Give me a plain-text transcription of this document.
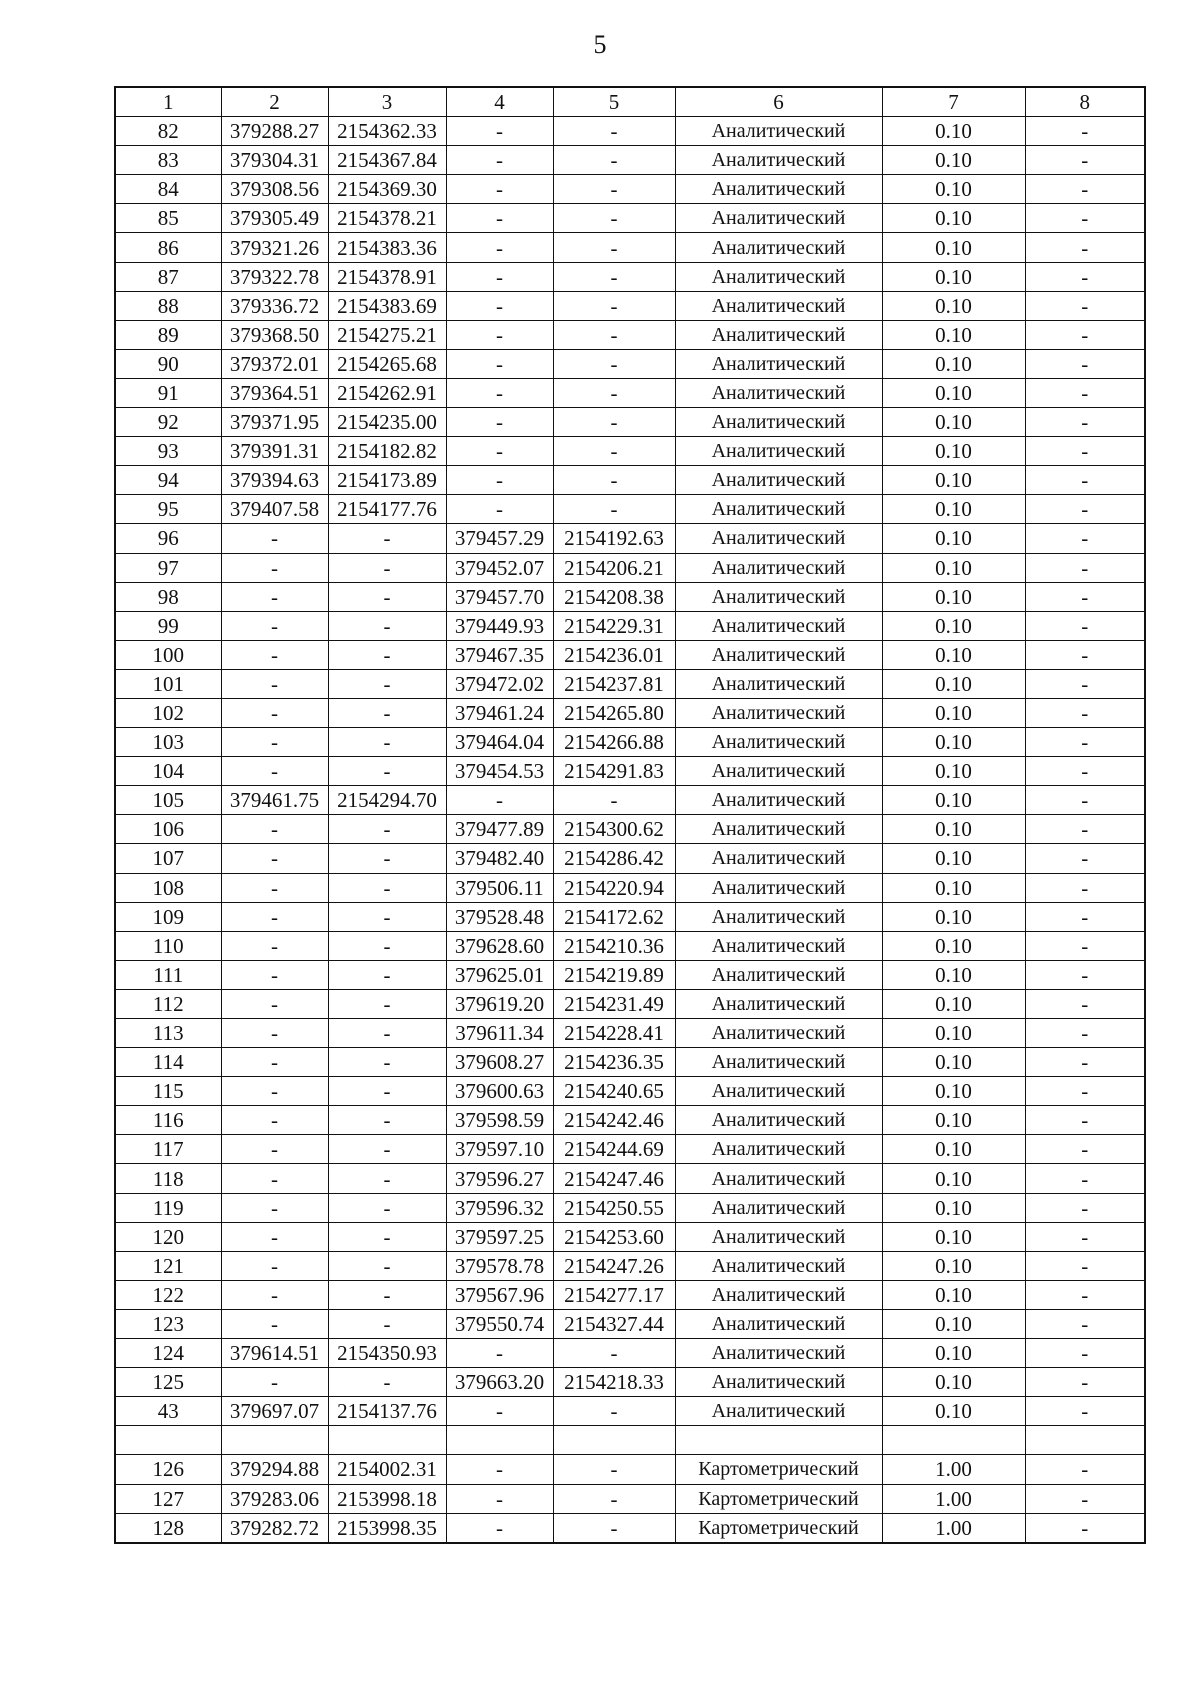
5
1	2	3	4	5	6	7	8
82	379288.27	2154362.33	-	-	Аналитический	0.10	-
83	379304.31	2154367.84	-	-	Аналитический	0.10	-
84	379308.56	2154369.30	-	-	Аналитический	0.10	-
85	379305.49	2154378.21	-	-	Аналитический	0.10	-
86	379321.26	2154383.36	-	-	Аналитический	0.10	-
87	379322.78	2154378.91	-	-	Аналитический	0.10	-
88	379336.72	2154383.69	-	-	Аналитический	0.10	-
89	379368.50	2154275.21	-	-	Аналитический	0.10	-
90	379372.01	2154265.68	-	-	Аналитический	0.10	-
91	379364.51	2154262.91	-	-	Аналитический	0.10	-
92	379371.95	2154235.00	-	-	Аналитический	0.10	-
93	379391.31	2154182.82	-	-	Аналитический	0.10	-
94	379394.63	2154173.89	-	-	Аналитический	0.10	-
95	379407.58	2154177.76	-	-	Аналитический	0.10	-
96	-	-	379457.29	2154192.63	Аналитический	0.10	-
97	-	-	379452.07	2154206.21	Аналитический	0.10	-
98	-	-	379457.70	2154208.38	Аналитический	0.10	-
99	-	-	379449.93	2154229.31	Аналитический	0.10	-
100	-	-	379467.35	2154236.01	Аналитический	0.10	-
101	-	-	379472.02	2154237.81	Аналитический	0.10	-
102	-	-	379461.24	2154265.80	Аналитический	0.10	-
103	-	-	379464.04	2154266.88	Аналитический	0.10	-
104	-	-	379454.53	2154291.83	Аналитический	0.10	-
105	379461.75	2154294.70	-	-	Аналитический	0.10	-
106	-	-	379477.89	2154300.62	Аналитический	0.10	-
107	-	-	379482.40	2154286.42	Аналитический	0.10	-
108	-	-	379506.11	2154220.94	Аналитический	0.10	-
109	-	-	379528.48	2154172.62	Аналитический	0.10	-
110	-	-	379628.60	2154210.36	Аналитический	0.10	-
111	-	-	379625.01	2154219.89	Аналитический	0.10	-
112	-	-	379619.20	2154231.49	Аналитический	0.10	-
113	-	-	379611.34	2154228.41	Аналитический	0.10	-
114	-	-	379608.27	2154236.35	Аналитический	0.10	-
115	-	-	379600.63	2154240.65	Аналитический	0.10	-
116	-	-	379598.59	2154242.46	Аналитический	0.10	-
117	-	-	379597.10	2154244.69	Аналитический	0.10	-
118	-	-	379596.27	2154247.46	Аналитический	0.10	-
119	-	-	379596.32	2154250.55	Аналитический	0.10	-
120	-	-	379597.25	2154253.60	Аналитический	0.10	-
121	-	-	379578.78	2154247.26	Аналитический	0.10	-
122	-	-	379567.96	2154277.17	Аналитический	0.10	-
123	-	-	379550.74	2154327.44	Аналитический	0.10	-
124	379614.51	2154350.93	-	-	Аналитический	0.10	-
125	-	-	379663.20	2154218.33	Аналитический	0.10	-
43	379697.07	2154137.76	-	-	Аналитический	0.10	-

126	379294.88	2154002.31	-	-	Картометрический	1.00	-
127	379283.06	2153998.18	-	-	Картометрический	1.00	-
128	379282.72	2153998.35	-	-	Картометрический	1.00	-
